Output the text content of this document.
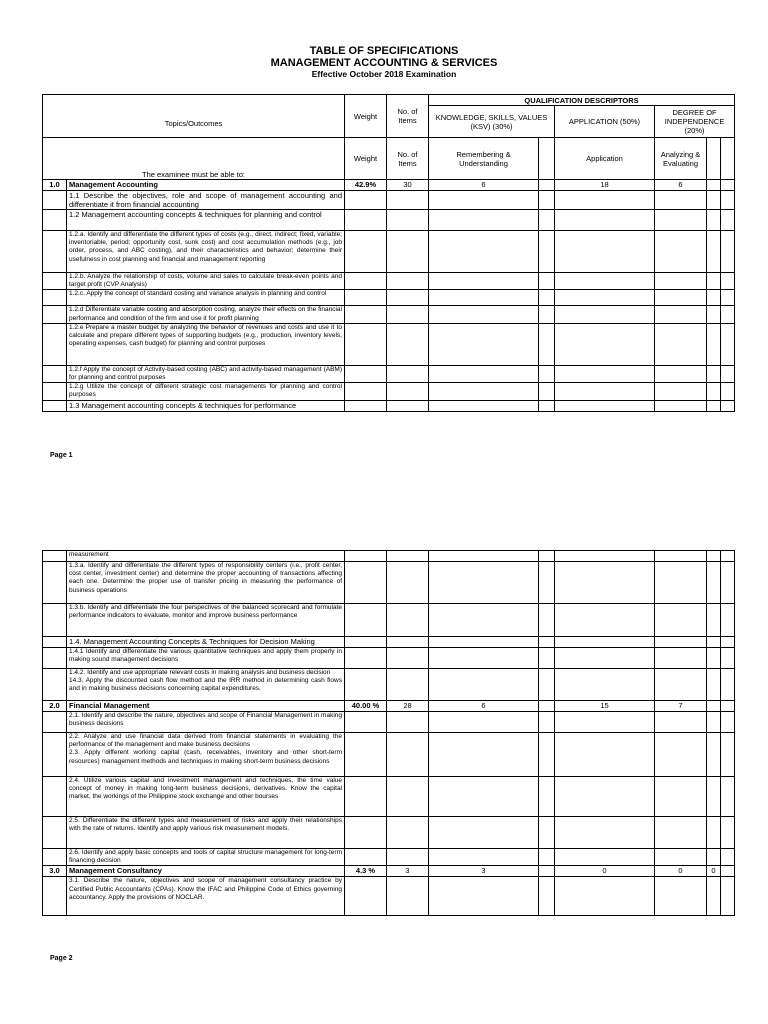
TABLE OF SPECIFICATIONS
MANAGEMENT ACCOUNTING & SERVICES
Effective October 2018 Examination
Topics/Outcomes		Weight	No. of Items	QUALIFICATION DESCRIPTORS					
				KNOWLEDGE, SKILLS, VALUES (KSV) (30%)		APPLICATION (50%)	DEGREE OF INDEPENDENCE (20%)		

The examinee must be able to:		Weight	No. of Items	Remembering & Understanding		Application	Analyzing & Evaluating		
1.0	Management Accounting	42.9%	30	6		18	6		
	1.1 Describe the objectives, role and scope of management accounting and differentiate it from financial accounting								
	1.2 Management accounting concepts & techniques for planning and control								
	1.2.a. Identify and differentiate the different types of costs (e.g., direct, indirect; fixed, variable; inventoriable, period; opportunity cost, sunk cost) and cost accumulation methods (e.g., job order, process, and ABC costing), and their characteristics and behavior; determine their usefulness in cost planning and financial and management reporting								
	1.2.b. Analyze the relationship of costs, volume and sales to calculate break-even points and target profit (CVP Analysis)								
	1.2.c. Apply the concept of standard costing and variance analysis in planning and control								
	1.2.d Differentiate variable costing and absorption costing, analyze their effects on the financial performance and condition of the firm and use it for profit planning								
	1.2.e Prepare a master budget by analyzing the behavior of revenues and costs and use it to calculate and prepare different types of supporting budgets (e.g., production, inventory levels, operating expenses, cash budget) for planning and control purposes								
	1.2.f Apply the concept of Activity-based costing (ABC) and activity-based management (ABM) for planning and control purposes								
	1.2.g Utilize the concept of different strategic cost managements for planning and control purposes								
	1.3 Management accounting concepts & techniques for performance								
Page 1
	measurement								
	1.3.a. Identify and differentiate the different types of responsibility centers (i.e., profit center, cost center, investment center) and determine the proper accounting of transactions affecting each one. Determine the proper use of transfer pricing in measuring the performance of business operations								
	1.3.b. Identify and differentiate the four perspectives of the balanced scorecard and formulate performance indicators to evaluate, monitor and improve business performance								
	1.4. Management Accounting Concepts & Techniques for Decision Making								
	1.4.1 Identify and differentiate the various quantitative techniques and apply them properly in making sound management decisions								
	1.4.2. Identify and use appropriate relevant costs in making analysis and business decision
14.3. Apply the discounted cash flow method and the IRR method in determining cash flows and in making business decisions concerning capital expenditures.								
2.0	Financial Management	40.00 %	28	6		15	7		
	2.1. Identify and describe the nature, objectives and scope of Financial Management in making business decisions								
	2.2. Analyze and use financial data derived from financial statements in evaluating the performance of the management and make business decisions
2.3. Apply different working capital (cash, receivables, inventory and other short-term resources) management methods and techniques in making short-term business decisions								
	2.4. Utilize various capital and investment management and techniques, the time value concept of money in making long-term business decisions, derivatives. Know the capital market, the workings of the Philippine stock exchange and other bourses								
	2.5. Differentiate the different types and measurement of risks and apply their relationships with the rate of returns. Identify and apply various risk measurement models.								
	2.6. Identify and apply basic concepts and tools of capital structure management for long-term financing decision								
3.0	Management Consultancy	4.3 %	3	3		0	0	0	
	3.1. Describe the nature, objectives and scope of management consultancy practice by Certified Public Accountants (CPAs). Know the IFAC and Philippine Code of Ethics governing accountancy. Apply the provisions of NOCLAR.								
Page 2
